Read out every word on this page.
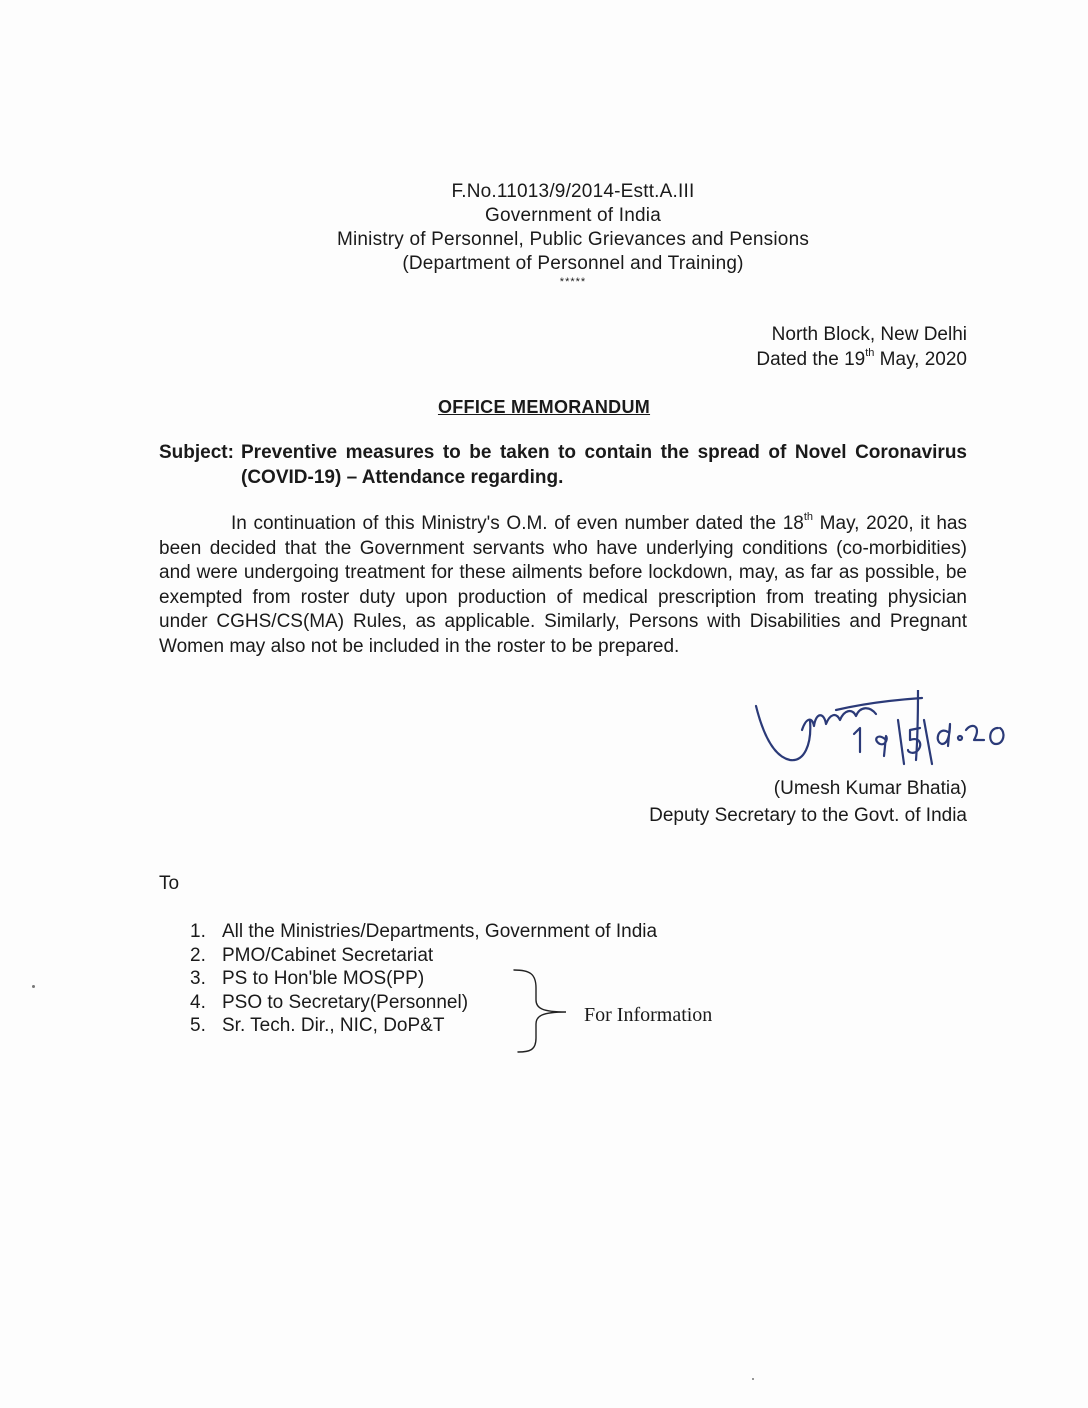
F.No.11013/9/2014-Estt.A.III
Government of India
Ministry of Personnel, Public Grievances and Pensions
(Department of Personnel and Training)
*****
North Block, New Delhi
Dated the 19th May, 2020
OFFICE MEMORANDUM
Subject: Preventive measures to be taken to contain the spread of Novel Coronavirus (COVID-19) – Attendance regarding.
In continuation of this Ministry's O.M. of even number dated the 18th May, 2020, it has been decided that the Government servants who have underlying conditions (co-morbidities) and were undergoing treatment for these ailments before lockdown, may, as far as possible, be exempted from roster duty upon production of medical prescription from treating physician under CGHS/CS(MA) Rules, as applicable. Similarly, Persons with Disabilities and Pregnant Women may also not be included in the roster to be prepared.
(Umesh Kumar Bhatia)
Deputy Secretary to the Govt. of India
To
1. All the Ministries/Departments, Government of India
2. PMO/Cabinet Secretariat
3. PS to Hon'ble MOS(PP)
4. PSO to Secretary(Personnel)
5. Sr. Tech. Dir., NIC, DoP&T	For Information
